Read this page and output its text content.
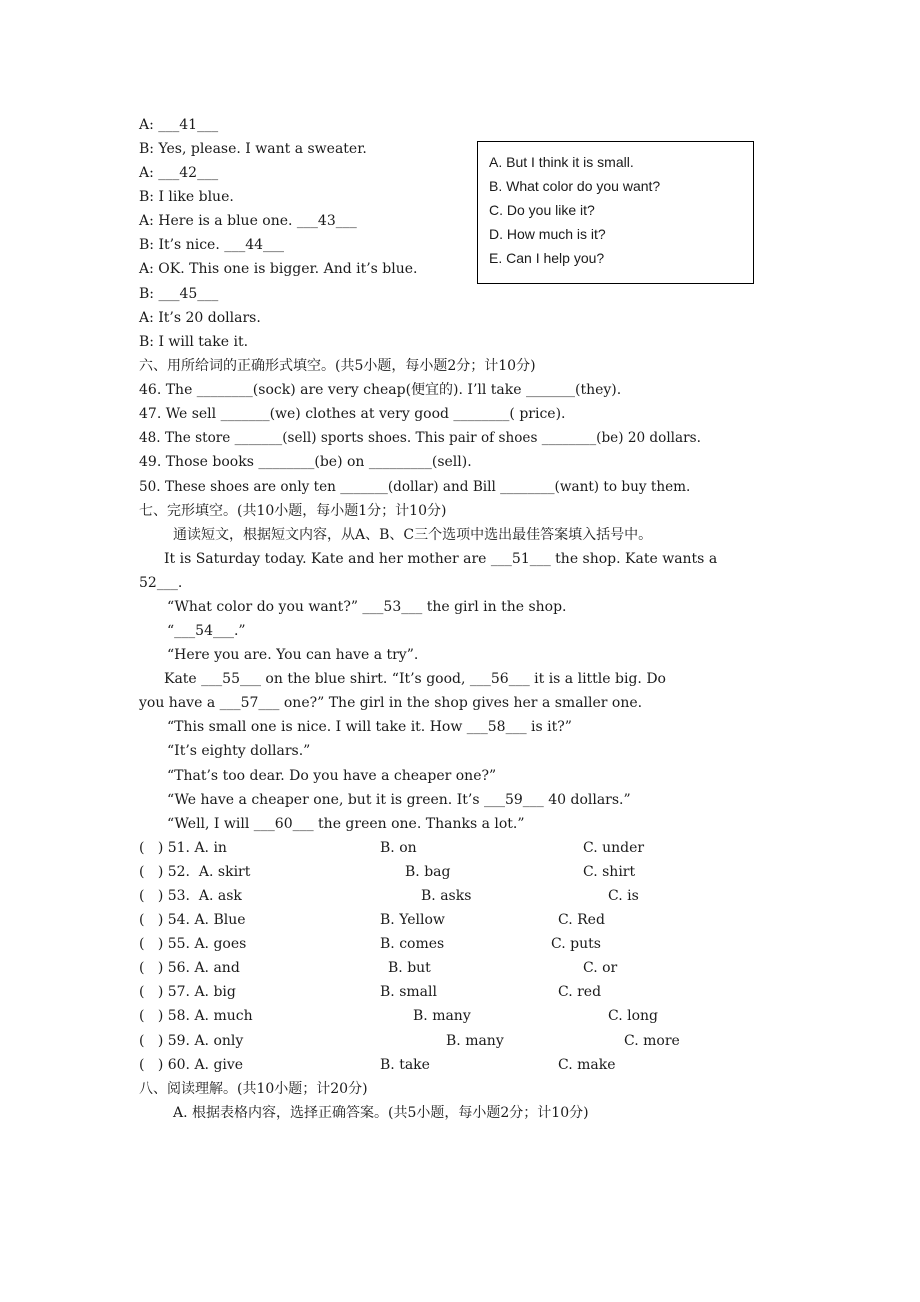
A: ___41___
B: Yes, please. I want a sweater.
A: ___42___
B: I like blue.
A: Here is a blue one. ___43___
B: It’s nice. ___44___
A: OK. This one is bigger. And it’s blue.
B: ___45___
A: It’s 20 dollars.
B: I will take it.
A. But I think it is small.
B. What color do you want?
C. Do you like it?
D. How much is it?
E. Can I help you?
六、用所给词的正确形式填空。(共5小题，每小题2分；计10分)
46. The ________(sock) are very cheap(便宜的). I’ll take _______(they).
47. We sell _______(we) clothes at very good ________( price).
48. The store _______(sell) sports shoes. This pair of shoes ________(be) 20 dollars.
49. Those books ________(be) on _________(sell).
50. These shoes are only ten _______(dollar) and Bill ________(want) to buy them.
七、完形填空。(共10小题，每小题1分；计10分)
通读短文，根据短文内容，从A、B、C三个选项中选出最佳答案填入括号中。
It is Saturday today. Kate and her mother are ___51___ the shop. Kate wants a
52___.
“What color do you want?” ___53___ the girl in the shop.
“___54___.”
“Here you are. You can have a try”.
Kate ___55___ on the blue shirt. “It’s good, ___56___ it is a little big. Do
you have a ___57___ one?” The girl in the shop gives her a smaller one.
“This small one is nice. I will take it. How ___58___ is it?”
“It’s eighty dollars.”
“That’s too dear. Do you have a cheaper one?”
“We have a cheaper one, but it is green. It’s ___59___ 40 dollars.”
“Well, I will ___60___ the green one. Thanks a lot.”
(   ) 51. A. in	B. on	C. under
(   ) 52.  A. skirt	B. bag	C. shirt
(   ) 53.  A. ask	B. asks	C. is
(   ) 54. A. Blue	B. Yellow	C. Red
(   ) 55. A. goes	B. comes	C. puts
(   ) 56. A. and	B. but	C. or
(   ) 57. A. big	B. small	C. red
(   ) 58. A. much	B. many	C. long
(   ) 59. A. only	B. many	C. more
(   ) 60. A. give	B. take	C. make
八、阅读理解。(共10小题；计20分)
A. 根据表格内容，选择正确答案。(共5小题，每小题2分；计10分)
